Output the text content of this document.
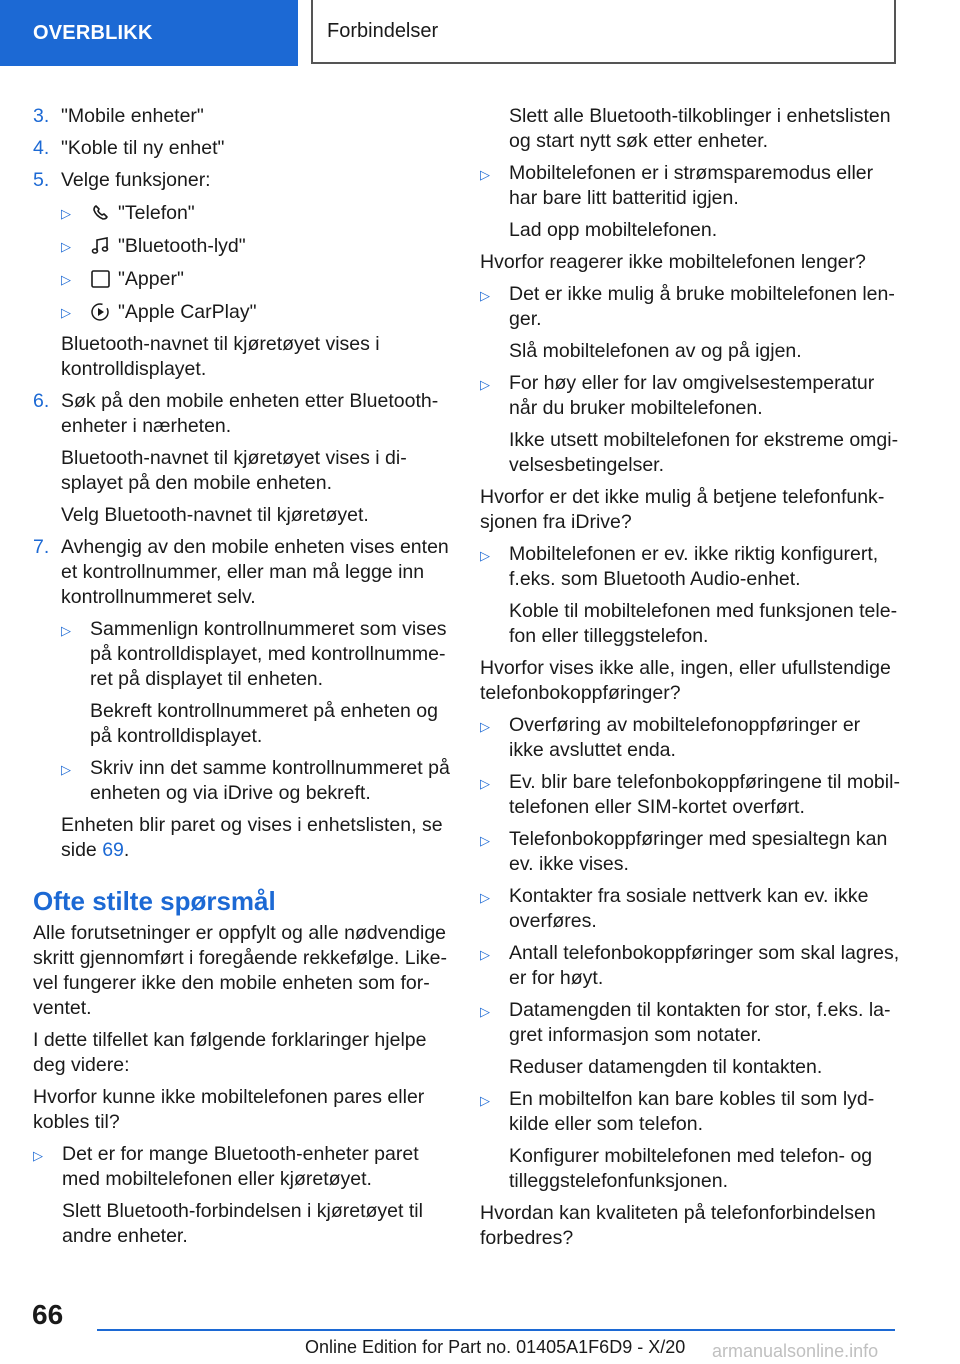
OVERBLIKK	Forbindelser
3. "Mobile enheter"
4. "Koble til ny enhet"
5. Velge funksjoner:
▷	"Telefon"
▷	"Bluetooth-lyd"
▷	"Apper"
▷	"Apple CarPlay"

Bluetooth-navnet til kjøretøyet vises i kontrolldisplayet.

6. Søk på den mobile enheten etter Bluetooth-enheter i nærheten.

Bluetooth-navnet til kjøretøyet vises i displayet på den mobile enheten.

Velg Bluetooth-navnet til kjøretøyet.

7. Avhengig av den mobile enheten vises enten et kontrollnummer, eller man må legge inn kontrollnummeret selv.
▷ Sammenlign kontrollnummeret som vises på kontrolldisplayet, med kontrollnummeret på displayet til enheten.

Bekreft kontrollnummeret på enheten og på kontrolldisplayet.

▷ Skriv inn det samme kontrollnummeret på enheten og via iDrive og bekreft.

Enheten blir paret og vises i enhetslisten, se side 69.

Ofte stilte spørsmål

Alle forutsetninger er oppfylt og alle nødvendige skritt gjennomført i foregående rekkefølge. Likevel fungerer ikke den mobile enheten som forventet.

I dette tilfellet kan følgende forklaringer hjelpe deg videre:

Hvorfor kunne ikke mobiltelefonen pares eller kobles til?

▷ Det er for mange Bluetooth-enheter paret med mobiltelefonen eller kjøretøyet.

Slett Bluetooth-forbindelsen i kjøretøyet til andre enheter.

Slett alle Bluetooth-tilkoblinger i enhetslisten og start nytt søk etter enheter.

▷ Mobiltelefonen er i strømsparemodus eller har bare litt batteritid igjen.

Lad opp mobiltelefonen.

Hvorfor reagerer ikke mobiltelefonen lenger?

▷ Det er ikke mulig å bruke mobiltelefonen lenger.

Slå mobiltelefonen av og på igjen.

▷ For høy eller for lav omgivelsestemperatur når du bruker mobiltelefonen.

Ikke utsett mobiltelefonen for ekstreme omgivelsesbetingelser.

Hvorfor er det ikke mulig å betjene telefonfunksjonen fra iDrive?

▷ Mobiltelefonen er ev. ikke riktig konfigurert, f.eks. som Bluetooth Audio-enhet.

Koble til mobiltelefonen med funksjonen telefon eller tilleggstelefon.

Hvorfor vises ikke alle, ingen, eller ufullstendige telefonbokoppføringer?

▷ Overføring av mobiltelefonoppføringer er ikke avsluttet enda.
▷ Ev. blir bare telefonbokoppføringene til mobiltelefonen eller SIM-kortet overført.
▷ Telefonbokoppføringer med spesialtegn kan ev. ikke vises.
▷ Kontakter fra sosiale nettverk kan ev. ikke overføres.
▷ Antall telefonbokoppføringer som skal lagres, er for høyt.
▷ Datamengden til kontakten for stor, f.eks. lagret informasjon som notater.

Reduser datamengden til kontakten.

▷ En mobiltelfon kan bare kobles til som lydkilde eller som telefon.

Konfigurer mobiltelefonen med telefon- og tilleggstelefonfunksjonen.

Hvordan kan kvaliteten på telefonforbindelsen forbedres?

66
Online Edition for Part no. 01405A1F6D9 - X/20 armanualsonline.info
